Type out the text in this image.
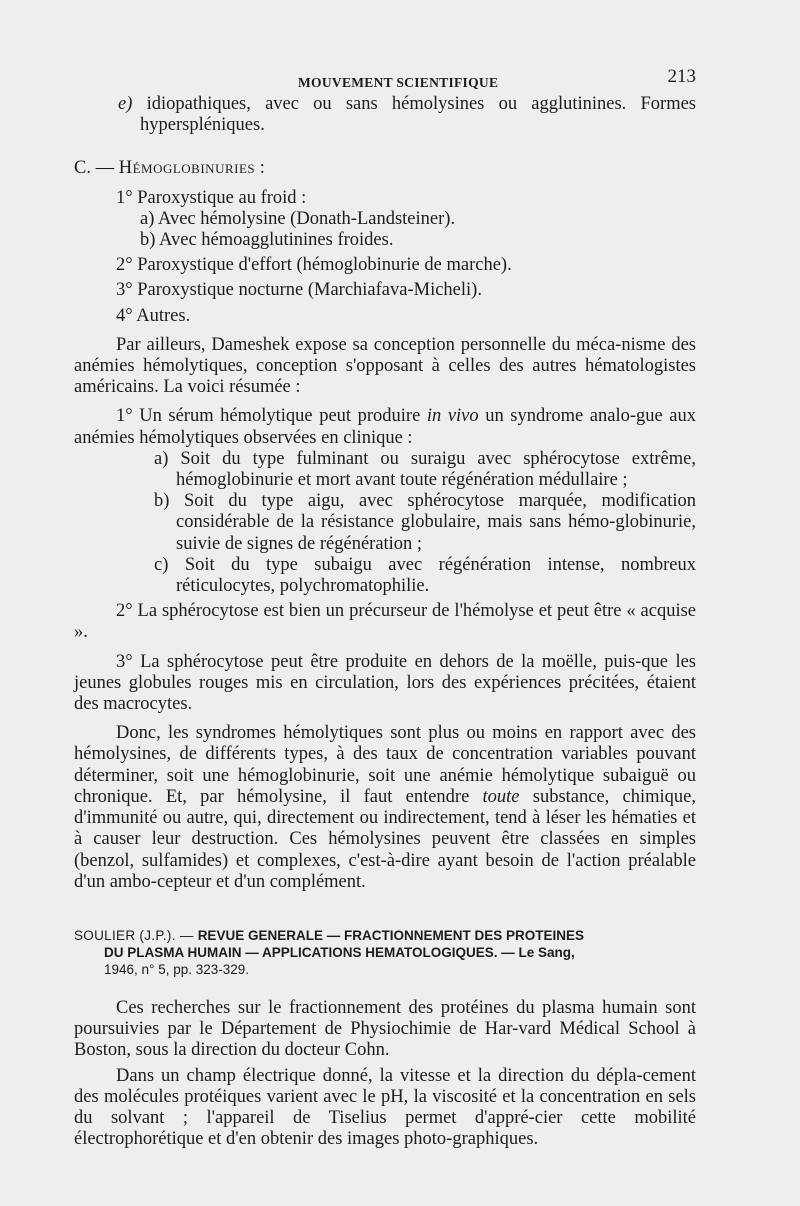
MOUVEMENT SCIENTIFIQUE	213

e) idiopathiques, avec ou sans hémolysines ou agglutinines. Formes hyperspléniques.

C. — Hémoglobinuries :

1° Paroxystique au froid :

a) Avec hémolysine (Donath-Landsteiner).

b) Avec hémoagglutinines froides.

2° Paroxystique d'effort (hémoglobinurie de marche).

3° Paroxystique nocturne (Marchiafava-Micheli).

4° Autres.

Par ailleurs, Dameshek expose sa conception personnelle du méca-nisme des anémies hémolytiques, conception s'opposant à celles des autres hématologistes américains. La voici résumée :

1° Un sérum hémolytique peut produire in vivo un syndrome analo-gue aux anémies hémolytiques observées en clinique :

a) Soit du type fulminant ou suraigu avec sphérocytose extrême, hémoglobinurie et mort avant toute régénération médullaire ;

b) Soit du type aigu, avec sphérocytose marquée, modification considérable de la résistance globulaire, mais sans hémo-globinurie, suivie de signes de régénération ;

c) Soit du type subaigu avec régénération intense, nombreux réticulocytes, polychromatophilie.

2° La sphérocytose est bien un précurseur de l'hémolyse et peut être « acquise ».

3° La sphérocytose peut être produite en dehors de la moëlle, puis-que les jeunes globules rouges mis en circulation, lors des expériences précitées, étaient des macrocytes.

Donc, les syndromes hémolytiques sont plus ou moins en rapport avec des hémolysines, de différents types, à des taux de concentration variables pouvant déterminer, soit une hémoglobinurie, soit une anémie hémolytique subaiguë ou chronique. Et, par hémolysine, il faut entendre toute substance, chimique, d'immunité ou autre, qui, directement ou indirectement, tend à léser les hématies et à causer leur destruction. Ces hémolysines peuvent être classées en simples (benzol, sulfamides) et complexes, c'est-à-dire ayant besoin de l'action préalable d'un ambo-cepteur et d'un complément.

SOULIER (J.P.). — REVUE GENERALE — FRACTIONNEMENT DES PROTEINES
DU PLASMA HUMAIN — APPLICATIONS HEMATOLOGIQUES. — Le Sang,
1946, n° 5, pp. 323-329.

Ces recherches sur le fractionnement des protéines du plasma humain sont poursuivies par le Département de Physiochimie de Har-vard Médical School à Boston, sous la direction du docteur Cohn.

Dans un champ électrique donné, la vitesse et la direction du dépla-cement des molécules protéiques varient avec le pH, la viscosité et la concentration en sels du solvant ; l'appareil de Tiselius permet d'appré-cier cette mobilité électrophorétique et d'en obtenir des images photo-graphiques.
